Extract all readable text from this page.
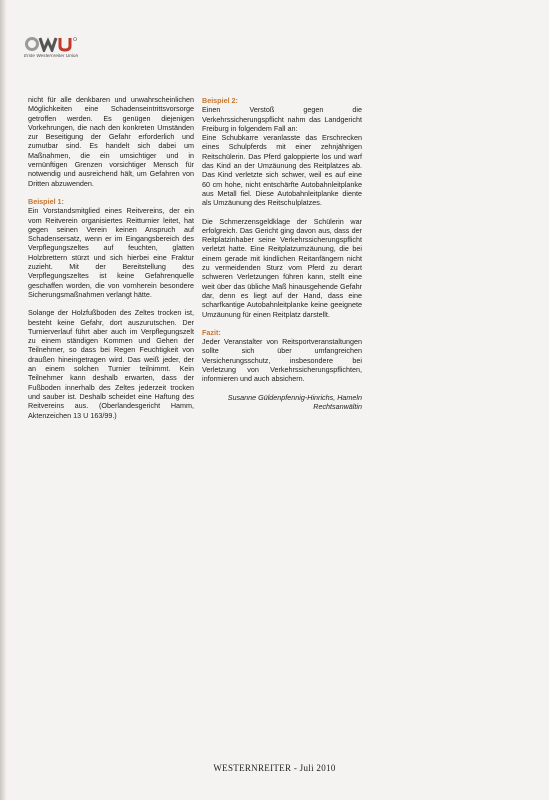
Erste Westernreiter Union

nicht für alle denkbaren und unwahrscheinlichen Möglichkeiten eine Schadenseintrittsvorsorge getroffen werden. Es genügen diejenigen Vorkehrungen, die nach den konkreten Umständen zur Beseitigung der Gefahr erforderlich und zumutbar sind. Es handelt sich dabei um Maßnahmen, die ein umsichtiger und in vernünftigen Grenzen vorsichtiger Mensch für notwendig und ausreichend hält, um Gefahren von Dritten abzuwenden.

Beispiel 1:

Ein Vorstandsmitglied eines Reitvereins, der ein vom Reitverein organisiertes Reitturnier leitet, hat gegen seinen Verein keinen Anspruch auf Schadensersatz, wenn er im Eingangsbereich des Verpflegungszeltes auf feuchten, glatten Holzbrettern stürzt und sich hierbei eine Fraktur zuzieht. Mit der Bereitstellung des Verpflegungszeltes ist keine Gefahrenquelle geschaffen worden, die von vornherein besondere Sicherungsmaßnahmen verlangt hätte.

Solange der Holzfußboden des Zeltes trocken ist, besteht keine Gefahr, dort auszurutschen. Der Turnierverlauf führt aber auch im Verpflegungszelt zu einem ständigen Kommen und Gehen der Teilnehmer, so dass bei Regen Feuchtigkeit von draußen hineingetragen wird. Das weiß jeder, der an einem solchen Turnier teilnimmt. Kein Teilnehmer kann deshalb erwarten, dass der Fußboden innerhalb des Zeltes jederzeit trocken und sauber ist. Deshalb scheidet eine Haftung des Reitvereins aus. (Oberlandesgericht Hamm, Aktenzeichen 13 U 163/99.)

Beispiel 2:

Einen Verstoß gegen die Verkehrssicherungspflicht nahm das Landgericht Freiburg in folgendem Fall an:

Eine Schubkarre veranlasste das Erschrecken eines Schulpferds mit einer zehnjährigen Reitschülerin. Das Pferd galoppierte los und warf das Kind an der Umzäunung des Reitplatzes ab. Das Kind verletzte sich schwer, weil es auf eine 60 cm hohe, nicht entschärfte Autobahnleitplanke aus Metall fiel. Diese Autobahnleitplanke diente als Umzäunung des Reitschulplatzes.

Die Schmerzensgeldklage der Schülerin war erfolgreich. Das Gericht ging davon aus, dass der Reitplatzinhaber seine Verkehrssicherungspflicht verletzt hatte. Eine Reitplatzumzäunung, die bei einem gerade mit kindlichen Reitanfängern nicht zu vermeidenden Sturz vom Pferd zu derart schweren Verletzungen führen kann, stellt eine weit über das übliche Maß hinausgehende Gefahr dar, denn es liegt auf der Hand, dass eine scharfkantige Autobahnleitplanke keine geeignete Umzäunung für einen Reitplatz darstellt.

Fazit:

Jeder Veranstalter von Reitsportveranstaltungen sollte sich über umfangreichen Versicherungsschutz, insbesondere bei Verletzung von Verkehrssicherungspflichten, informieren und auch absichern.

Susanne Güldenpfennig-Hinrichs, Hameln
Rechtsanwältin
WESTERNREITER - Juli 2010
